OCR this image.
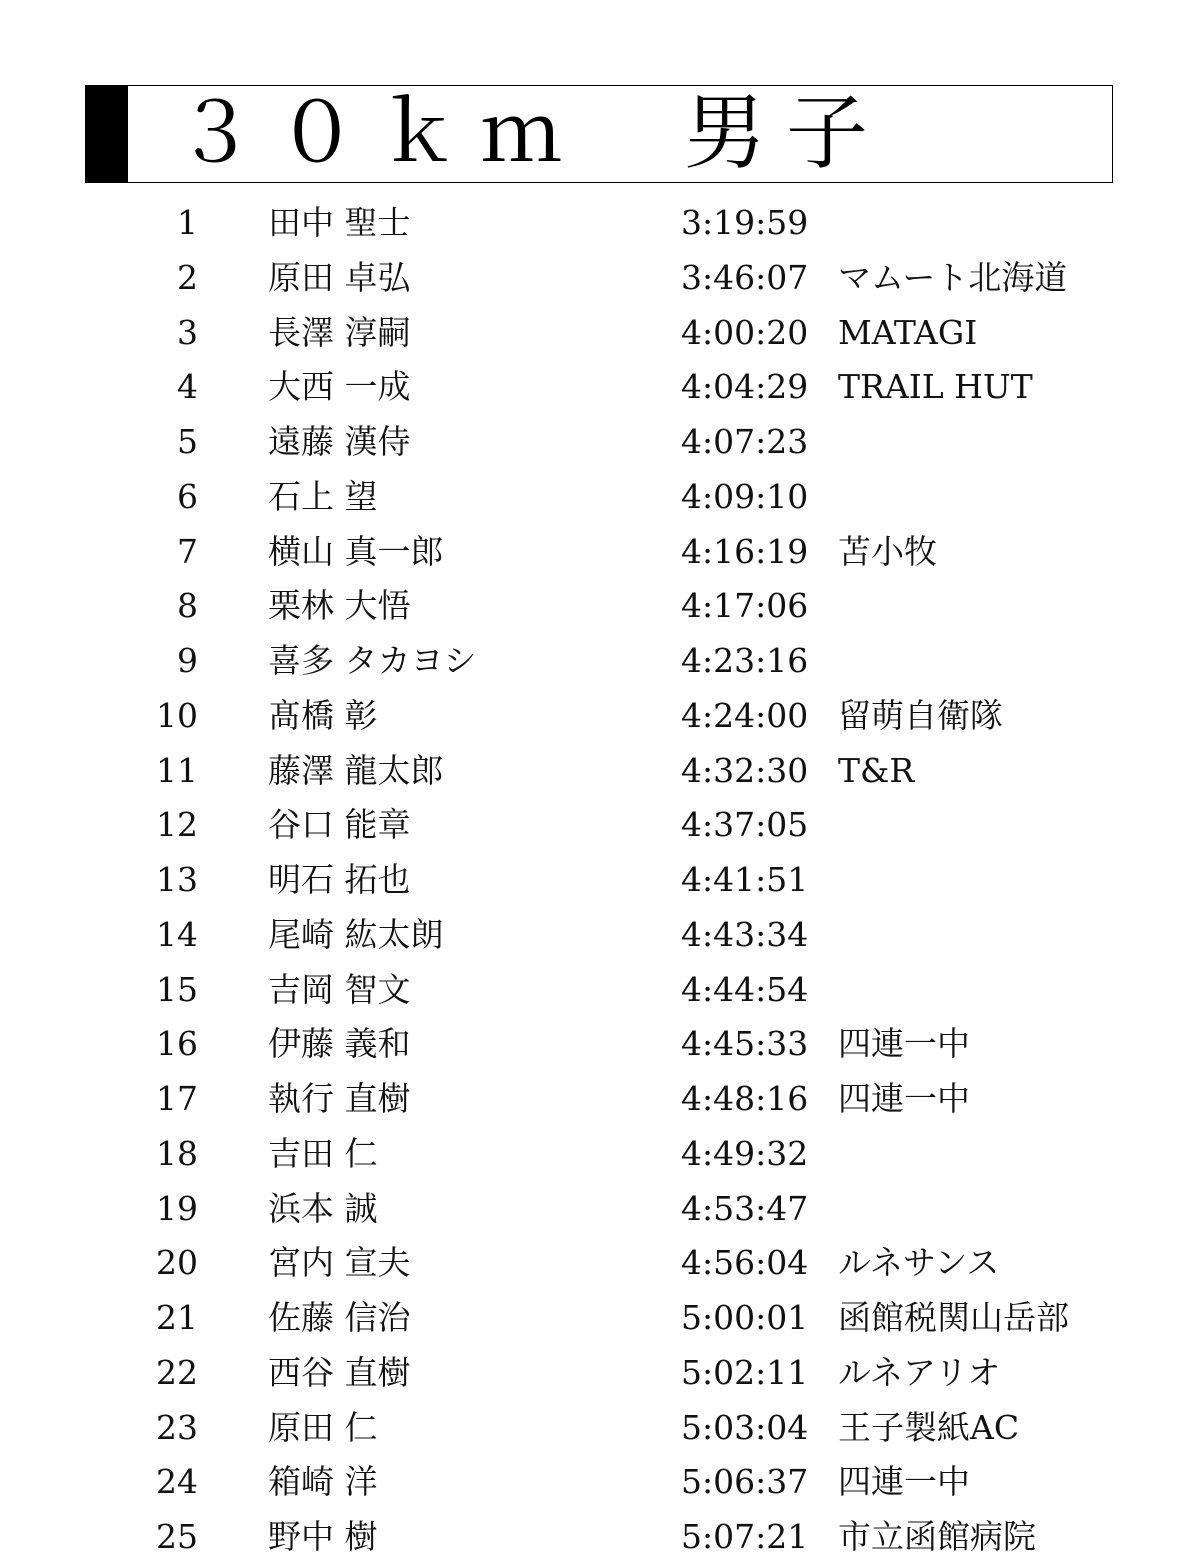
３０ｋｍ　男子
1 田中 聖士	3:19:59
2 原田 卓弘	3:46:07 マムート北海道
3 長澤 淳嗣	4:00:20 MATAGI
4 大西 一成	4:04:29 TRAIL HUT
5 遠藤 漢侍	4:07:23
6 石上 望	4:09:10
7 横山 真一郎	4:16:19 苫小牧
8 栗林 大悟	4:17:06
9 喜多 タカヨシ	4:23:16
10 髙橋 彰	4:24:00 留萌自衛隊
11 藤澤 龍太郎	4:32:30 T&R
12 谷口 能章	4:37:05
13 明石 拓也	4:41:51
14 尾崎 紘太朗	4:43:34
15 吉岡 智文	4:44:54
16 伊藤 義和	4:45:33 四連一中
17 執行 直樹	4:48:16 四連一中
18 吉田 仁	4:49:32
19 浜本 誠	4:53:47
20 宮内 宣夫	4:56:04 ルネサンス
21 佐藤 信治	5:00:01 函館税関山岳部
22 西谷 直樹	5:02:11 ルネアリオ
23 原田 仁	5:03:04 王子製紙AC
24 箱崎 洋	5:06:37 四連一中
25 野中 樹	5:07:21 市立函館病院
